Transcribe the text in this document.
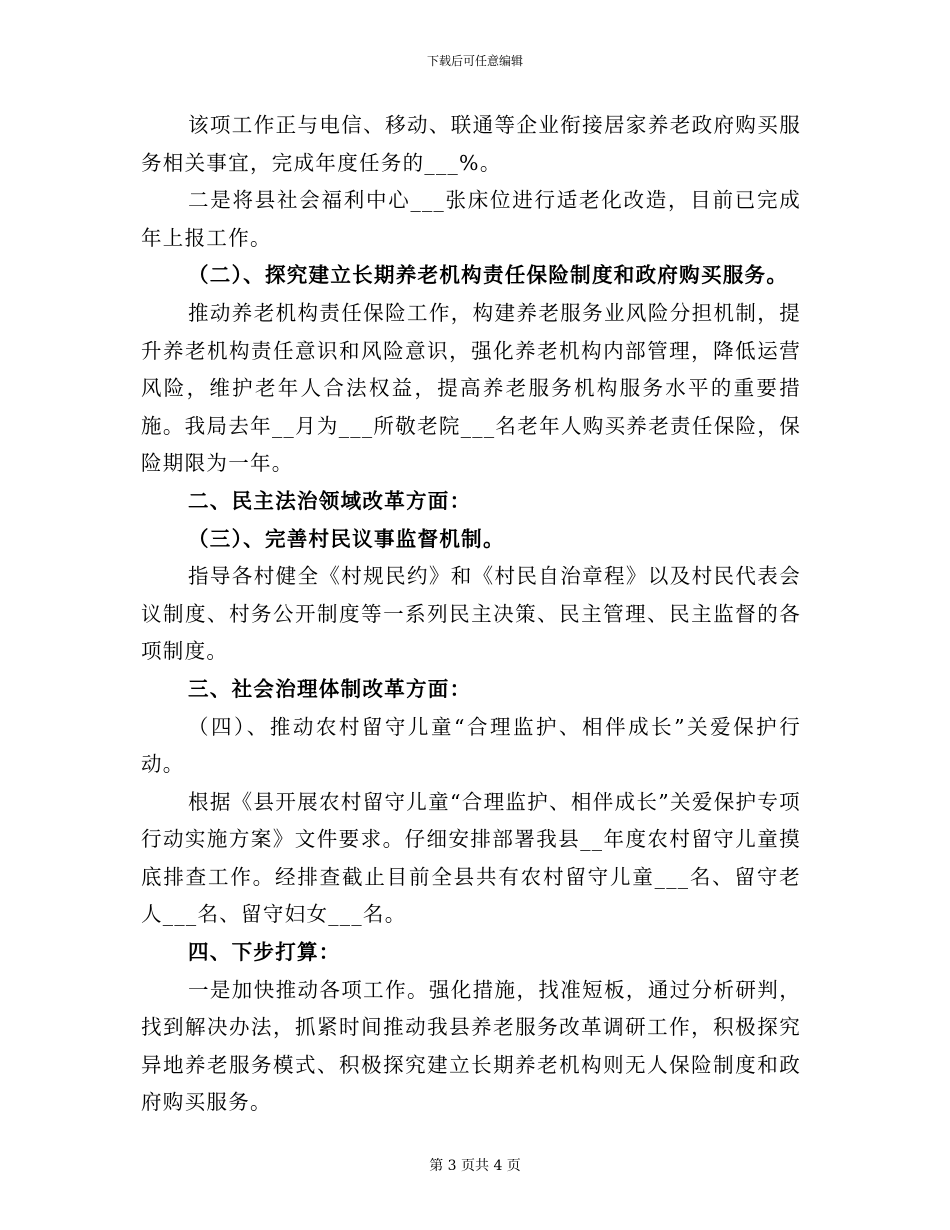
下载后可任意编辑

该项工作正与电信、移动、联通等企业衔接居家养老政府购买服务相关事宜，完成年度任务的___%。

二是将县社会福利中心___张床位进行适老化改造，目前已完成年上报工作。

（二）、探究建立长期养老机构责任保险制度和政府购买服务。

推动养老机构责任保险工作，构建养老服务业风险分担机制，提升养老机构责任意识和风险意识，强化养老机构内部管理，降低运营风险，维护老年人合法权益，提高养老服务机构服务水平的重要措施。我局去年__月为___所敬老院___名老年人购买养老责任保险，保险期限为一年。

二、民主法治领域改革方面：

（三）、完善村民议事监督机制。

指导各村健全《村规民约》和《村民自治章程》以及村民代表会议制度、村务公开制度等一系列民主决策、民主管理、民主监督的各项制度。

三、社会治理体制改革方面：

（四）、推动农村留守儿童“合理监护、相伴成长”关爱保护行动。

根据《县开展农村留守儿童“合理监护、相伴成长”关爱保护专项行动实施方案》文件要求。仔细安排部署我县__年度农村留守儿童摸底排查工作。经排查截止目前全县共有农村留守儿童___名、留守老人___名、留守妇女___名。

四、下步打算：

一是加快推动各项工作。强化措施，找准短板，通过分析研判，找到解决办法，抓紧时间推动我县养老服务改革调研工作，积极探究异地养老服务模式、积极探究建立长期养老机构则无人保险制度和政府购买服务。

第 3 页共 4 页
